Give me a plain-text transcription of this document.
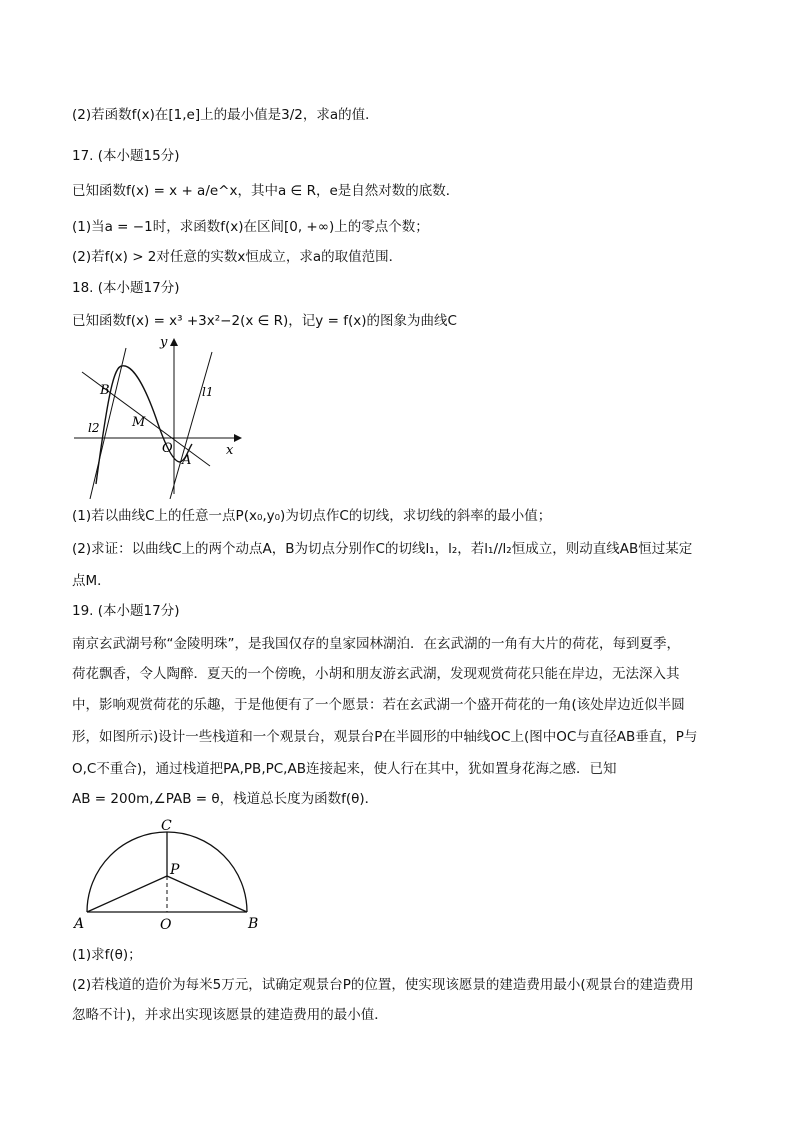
(2)若函数f(x)在[1,e]上的最小值是3/2，求a的值．
17. (本小题15分)
已知函数f(x) = x + a/e^x，其中a ∈ R，e是自然对数的底数．
(1)当a = −1时，求函数f(x)在区间[0, +∞)上的零点个数；
(2)若f(x) > 2对任意的实数x恒成立，求a的取值范围．
18. (本小题17分)
已知函数f(x) = x³ +3x²−2(x ∈ R)，记y = f(x)的图象为曲线C
y
x
B
M
O
A
l1
l2
(1)若以曲线C上的任意一点P(x₀,y₀)为切点作C的切线，求切线的斜率的最小值；
(2)求证：以曲线C上的两个动点A，B为切点分别作C的切线l₁，l₂，若l₁//l₂恒成立，则动直线AB恒过某定
点M．
19. (本小题17分)
南京玄武湖号称“金陵明珠”，是我国仅存的皇家园林湖泊．在玄武湖的一角有大片的荷花，每到夏季，
荷花飘香，令人陶醉．夏天的一个傍晚，小胡和朋友游玄武湖，发现观赏荷花只能在岸边，无法深入其
中，影响观赏荷花的乐趣，于是他便有了一个愿景：若在玄武湖一个盛开荷花的一角(该处岸边近似半圆
形，如图所示)设计一些栈道和一个观景台，观景台P在半圆形的中轴线OC上(图中OC与直径AB垂直，P与
O,C不重合)，通过栈道把PA,PB,PC,AB连接起来，使人行在其中，犹如置身花海之感．已知
AB = 200m,∠PAB = θ，栈道总长度为函数f(θ)．
C
P
A	O	B
(1)求f(θ)；
(2)若栈道的造价为每米5万元，试确定观景台P的位置，使实现该愿景的建造费用最小(观景台的建造费用
忽略不计)，并求出实现该愿景的建造费用的最小值．
